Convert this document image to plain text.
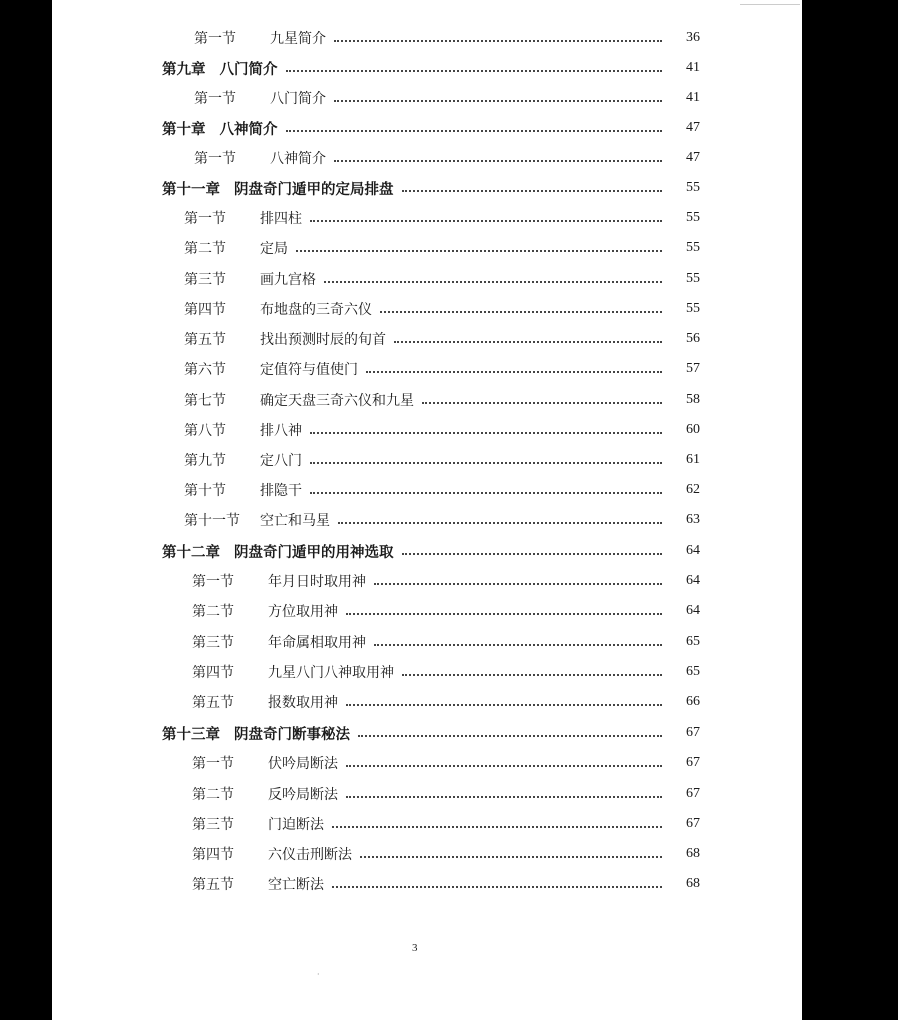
第一节	九星简介	36
第九章 八门简介	41
第一节	八门简介	41
第十章 八神简介	47
第一节	八神简介	47
第十一章 阴盘奇门遁甲的定局排盘	55
第一节	排四柱	55
第二节	定局	55
第三节	画九宫格	55
第四节	布地盘的三奇六仪	55
第五节	找出预测时辰的旬首	56
第六节	定值符与值使门	57
第七节	确定天盘三奇六仪和九星	58
第八节	排八神	60
第九节	定八门	61
第十节	排隐干	62
第十一节	空亡和马星	63
第十二章 阴盘奇门遁甲的用神选取	64
第一节	年月日时取用神	64
第二节	方位取用神	64
第三节	年命属相取用神	65
第四节	九星八门八神取用神	65
第五节	报数取用神	66
第十三章 阴盘奇门断事秘法	67
第一节	伏吟局断法	67
第二节	反吟局断法	67
第三节	门迫断法	67
第四节	六仪击刑断法	68
第五节	空亡断法	68
3
·
